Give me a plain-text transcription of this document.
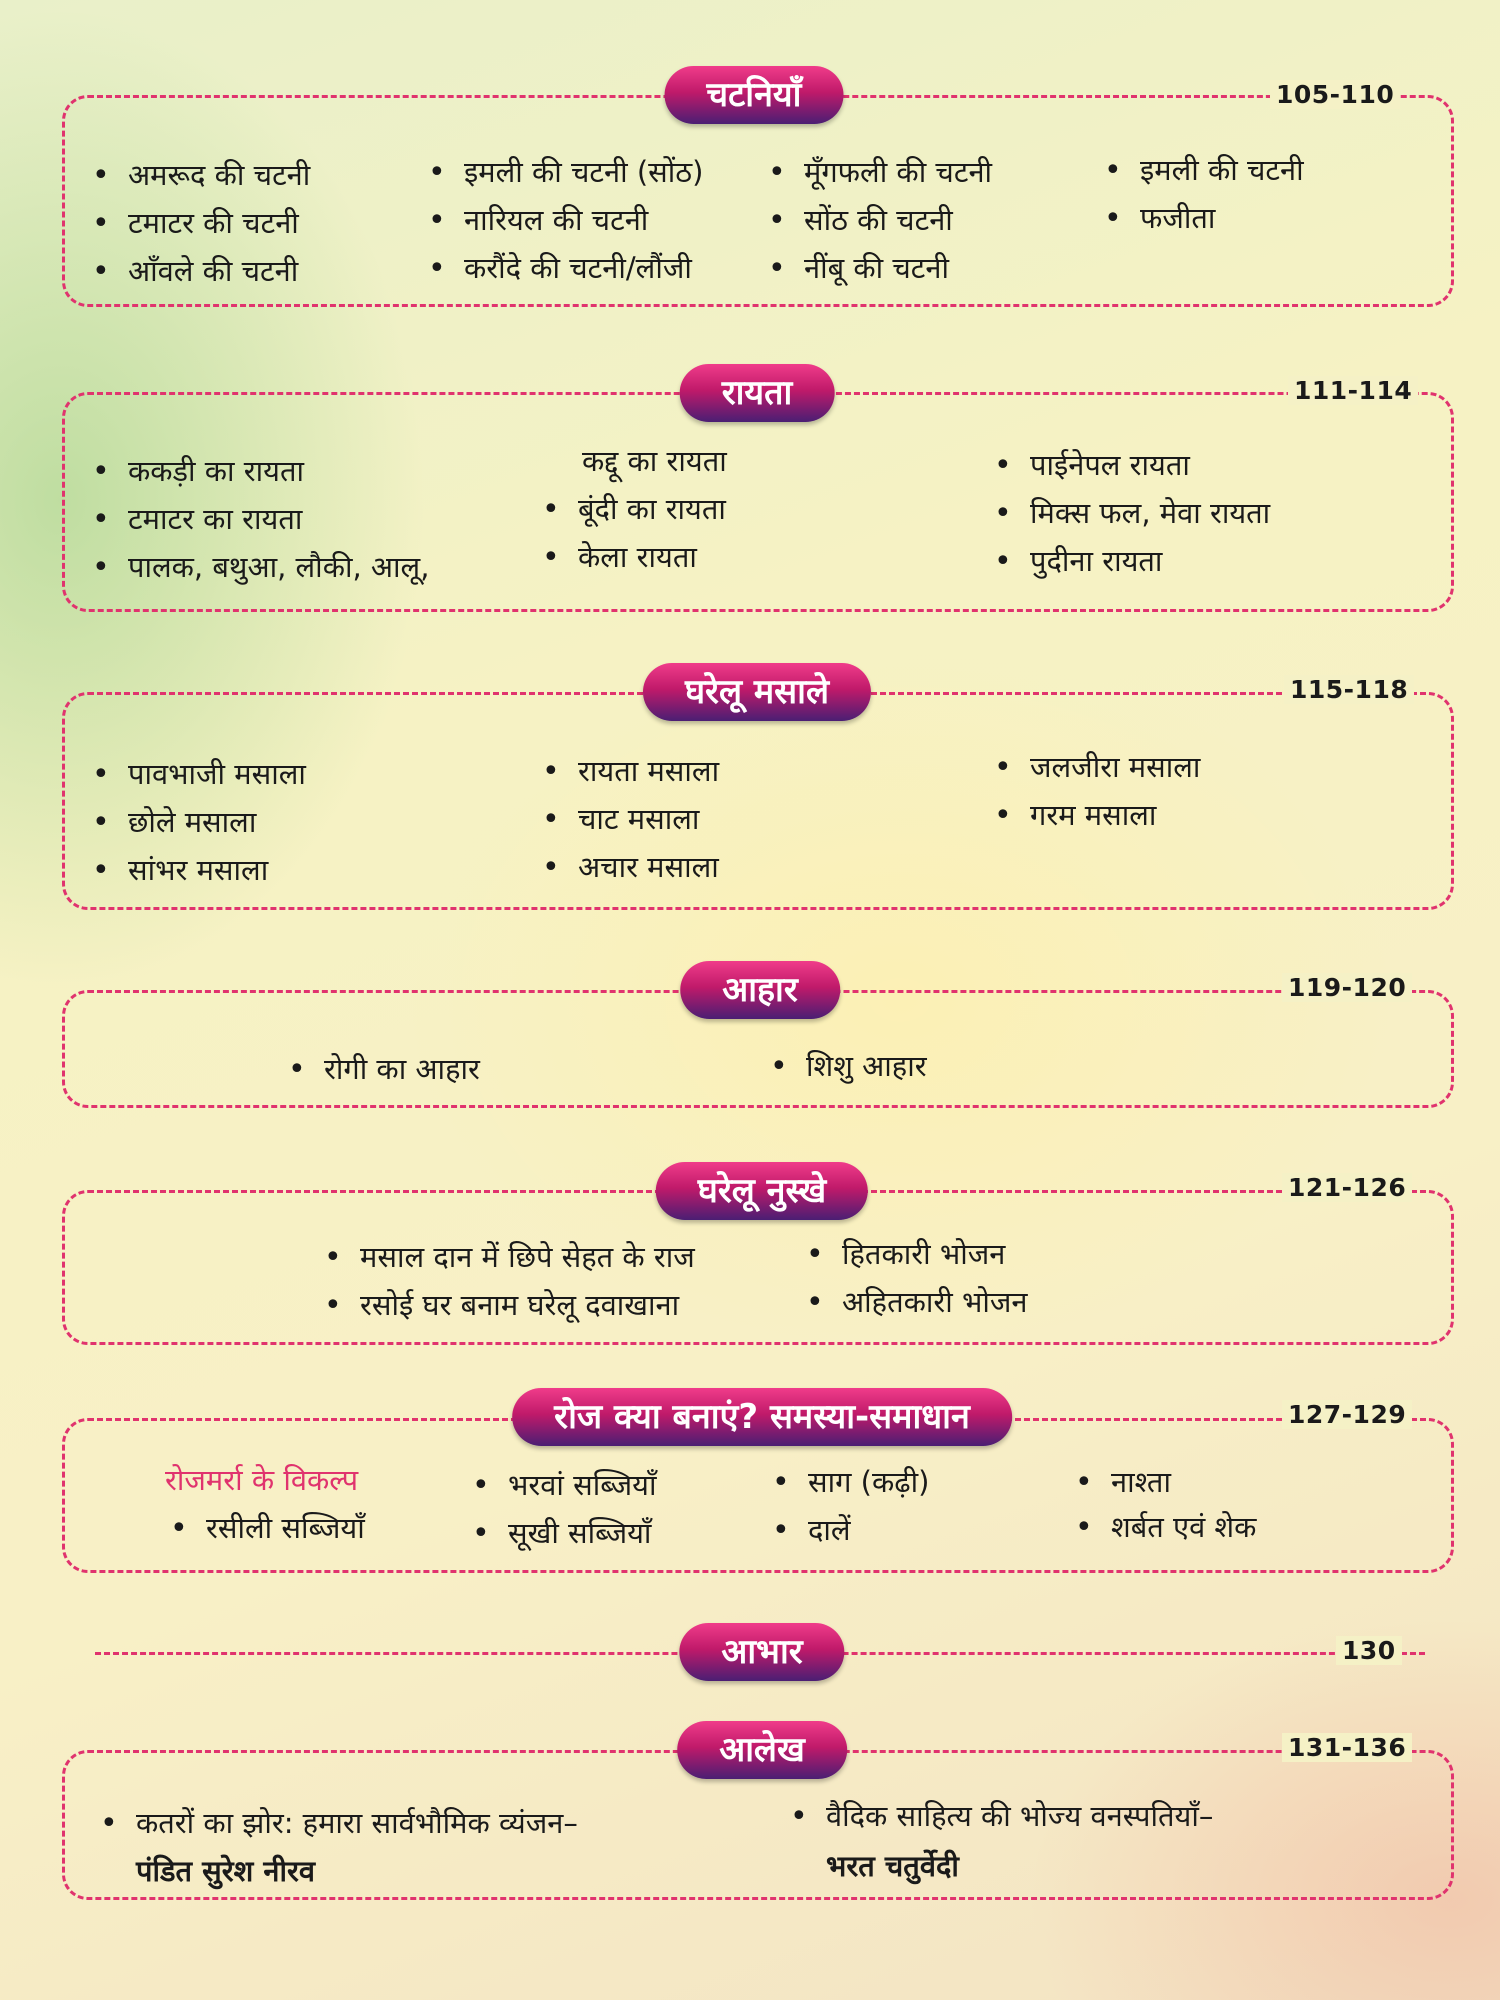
चटनियाँ	105-110
• अमरूद की चटनी
• टमाटर की चटनी
• आँवले की चटनी
• इमली की चटनी (सोंठ)
• नारियल की चटनी
• करौंदे की चटनी/लौंजी
• मूँगफली की चटनी
• सोंठ की चटनी
• नींबू की चटनी
• इमली की चटनी
• फजीता
रायता	111-114
• ककड़ी का रायता
• टमाटर का रायता
• पालक, बथुआ, लौकी, आलू,
कद्दू का रायता
• बूंदी का रायता
• केला रायता
• पाईनेपल रायता
• मिक्स फल, मेवा रायता
• पुदीना रायता
घरेलू मसाले	115-118
• पावभाजी मसाला
• छोले मसाला
• सांभर मसाला
• रायता मसाला
• चाट मसाला
• अचार मसाला
• जलजीरा मसाला
• गरम मसाला
आहार	119-120
• रोगी का आहार
•	शिशु आहार
घरेलू नुस्खे	121-126
• मसाल दान में छिपे सेहत के राज
• रसोई घर बनाम घरेलू दवाखाना
• हितकारी भोजन
• अहितकारी भोजन
रोज क्या बनाएं? समस्या-समाधान	127-129
रोजमर्रा के विकल्प
• रसीली सब्जियाँ
• भरवां सब्जियाँ
• सूखी सब्जियाँ
• साग (कढ़ी)
• दालें
• नाश्ता
• शर्बत एवं शेक
आभार	130
आलेख	131-136
• कतरों का झोर: हमारा सार्वभौमिक व्यंजन–
पंडित सुरेश नीरव
• वैदिक साहित्य की भोज्य वनस्पतियाँ–
भरत चतुर्वेदी
